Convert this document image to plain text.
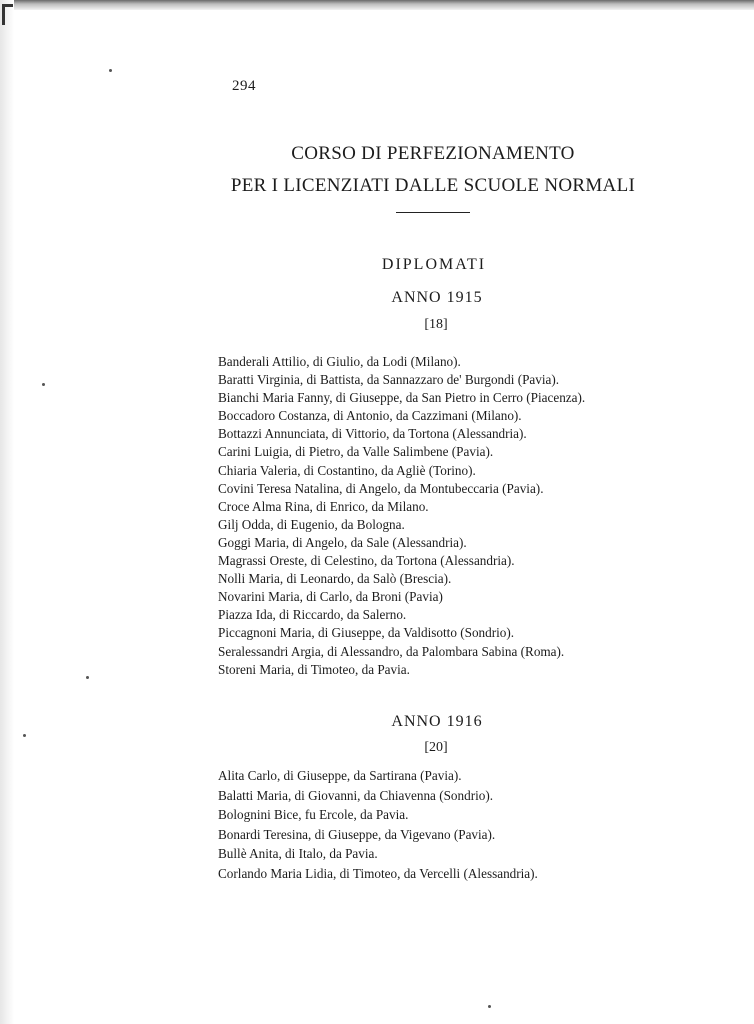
294
CORSO DI PERFEZIONAMENTO
PER I LICENZIATI DALLE SCUOLE NORMALI
DIPLOMATI
ANNO 1915
[18]
Banderali Attilio, di Giulio, da Lodi (Milano).
Baratti Virginia, di Battista, da Sannazzaro de' Burgondi (Pavia).
Bianchi Maria Fanny, di Giuseppe, da San Pietro in Cerro (Piacenza).
Boccadoro Costanza, di Antonio, da Cazzimani (Milano).
Bottazzi Annunciata, di Vittorio, da Tortona (Alessandria).
Carini Luigia, di Pietro, da Valle Salimbene (Pavia).
Chiaria Valeria, di Costantino, da Agliè (Torino).
Covini Teresa Natalina, di Angelo, da Montubeccaria (Pavia).
Croce Alma Rina, di Enrico, da Milano.
Gilj Odda, di Eugenio, da Bologna.
Goggi Maria, di Angelo, da Sale (Alessandria).
Magrassi Oreste, di Celestino, da Tortona (Alessandria).
Nolli Maria, di Leonardo, da Salò (Brescia).
Novarini Maria, di Carlo, da Broni (Pavia)
Piazza Ida, di Riccardo, da Salerno.
Piccagnoni Maria, di Giuseppe, da Valdisotto (Sondrio).
Seralessandri Argia, di Alessandro, da Palombara Sabina (Roma).
Storeni Maria, di Timoteo, da Pavia.
ANNO 1916
[20]
Alita Carlo, di Giuseppe, da Sartirana (Pavia).
Balatti Maria, di Giovanni, da Chiavenna (Sondrio).
Bolognini Bice, fu Ercole, da Pavia.
Bonardi Teresina, di Giuseppe, da Vigevano (Pavia).
Bullè Anita, di Italo, da Pavia.
Corlando Maria Lidia, di Timoteo, da Vercelli (Alessandria).
